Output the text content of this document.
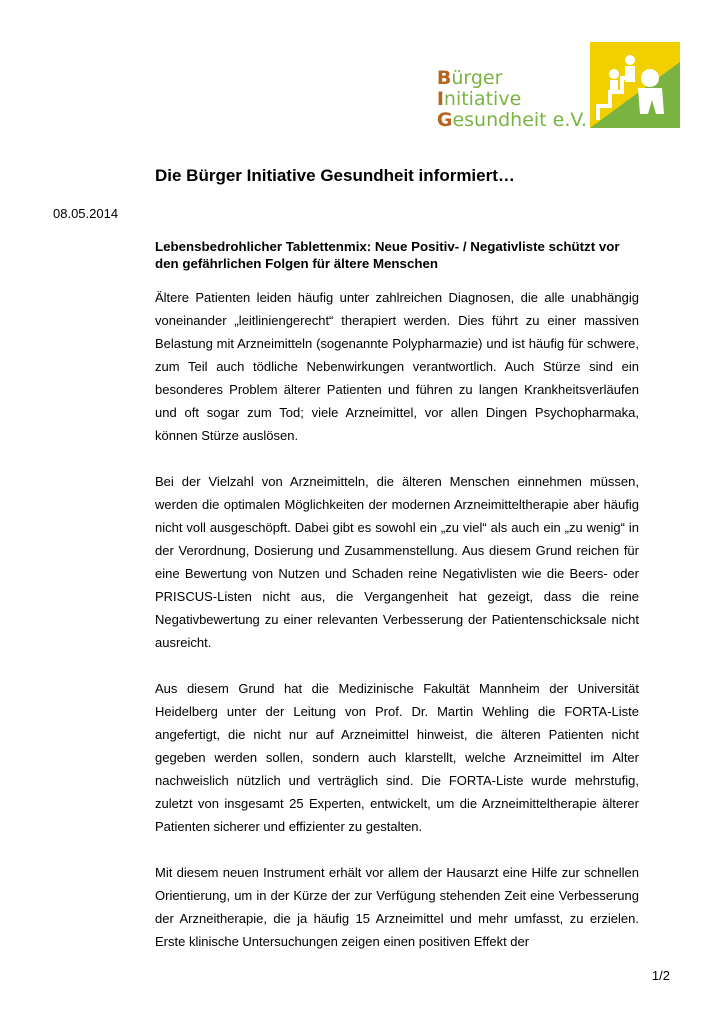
Bürger
Initiative
Gesundheit e.V.
Die Bürger Initiative Gesundheit informiert…
08.05.2014
Lebensbedrohlicher Tablettenmix: Neue Positiv- / Negativliste schützt vor den gefährlichen Folgen für ältere Menschen

Ältere Patienten leiden häufig unter zahlreichen Diagnosen, die alle unabhängig voneinander „leitliniengerecht“ therapiert werden. Dies führt zu einer massiven Belastung mit Arzneimitteln (sogenannte Polypharmazie) und ist häufig für schwere, zum Teil auch tödliche Nebenwirkungen verantwortlich. Auch Stürze sind ein besonderes Problem älterer Patienten und führen zu langen Krankheitsverläufen und oft sogar zum Tod; viele Arzneimittel, vor allen Dingen Psychopharmaka, können Stürze auslösen.

Bei der Vielzahl von Arzneimitteln, die älteren Menschen einnehmen müssen, werden die optimalen Möglichkeiten der modernen Arzneimitteltherapie aber häufig nicht voll ausgeschöpft. Dabei gibt es sowohl ein „zu viel“ als auch ein „zu wenig“ in der Verordnung, Dosierung und Zusammenstellung. Aus diesem Grund reichen für eine Bewertung von Nutzen und Schaden reine Negativlisten wie die Beers- oder PRISCUS-Listen nicht aus, die Vergangenheit hat gezeigt, dass die reine Negativbewertung zu einer relevanten Verbesserung der Patientenschicksale nicht ausreicht.

Aus diesem Grund hat die Medizinische Fakultät Mannheim der Universität Heidelberg unter der Leitung von Prof. Dr. Martin Wehling die FORTA-Liste angefertigt, die nicht nur auf Arzneimittel hinweist, die älteren Patienten nicht gegeben werden sollen, sondern auch klarstellt, welche Arzneimittel im Alter nachweislich nützlich und verträglich sind. Die FORTA-Liste wurde mehrstufig, zuletzt von insgesamt 25 Experten, entwickelt, um die Arzneimitteltherapie älterer Patienten sicherer und effizienter zu gestalten.

Mit diesem neuen Instrument erhält vor allem der Hausarzt eine Hilfe zur schnellen Orientierung, um in der Kürze der zur Verfügung stehenden Zeit eine Verbesserung der Arzneitherapie, die ja häufig 15 Arzneimittel und mehr umfasst, zu erzielen. Erste klinische Untersuchungen zeigen einen positiven Effekt der

1/2
